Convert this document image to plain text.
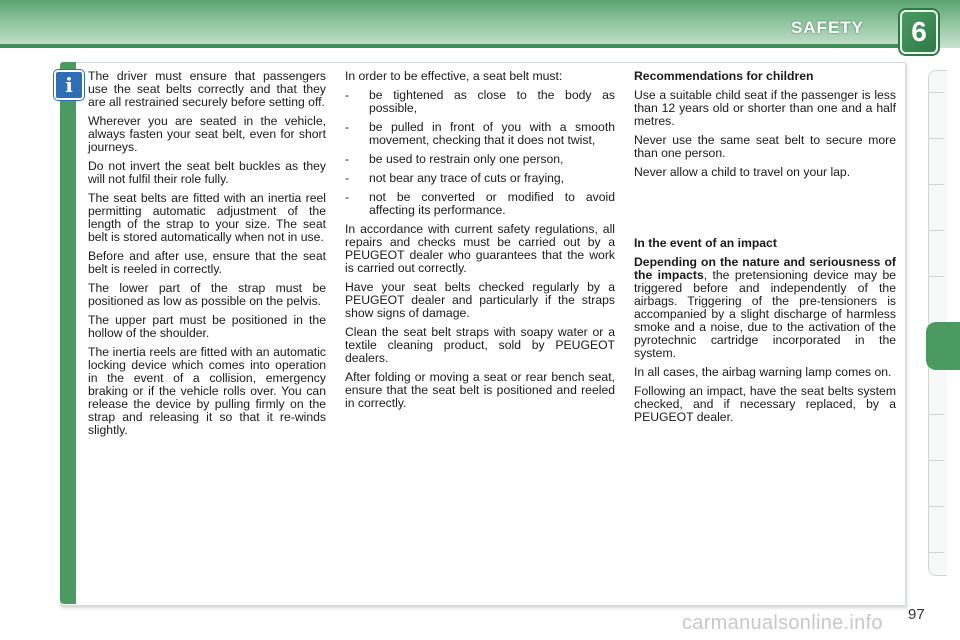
SAFETY	6
i	The driver must ensure that passengers use the seat belts correctly and that they are all restrained securely before setting off.

Wherever you are seated in the vehicle, always fasten your seat belt, even for short journeys.

Do not invert the seat belt buckles as they will not fulfil their role fully.

The seat belts are fitted with an inertia reel permitting automatic adjustment of the length of the strap to your size. The seat belt is stored automatically when not in use.

Before and after use, ensure that the seat belt is reeled in correctly.

The lower part of the strap must be positioned as low as possible on the pelvis.

The upper part must be positioned in the hollow of the shoulder.

The inertia reels are fitted with an automatic locking device which comes into operation in the event of a collision, emergency braking or if the vehicle rolls over. You can release the device by pulling firmly on the strap and releasing it so that it re-winds slightly.

In order to be effective, a seat belt must:

-	be tightened as close to the body as possible,
-	be pulled in front of you with a smooth movement, checking that it does not twist,
-	be used to restrain only one person,
-	not bear any trace of cuts or fraying,
-	not be converted or modified to avoid affecting its performance.

In accordance with current safety regulations, all repairs and checks must be carried out by a PEUGEOT dealer who guarantees that the work is carried out correctly.

Have your seat belts checked regularly by a PEUGEOT dealer and particularly if the straps show signs of damage.

Clean the seat belt straps with soapy water or a textile cleaning product, sold by PEUGEOT dealers.

After folding or moving a seat or rear bench seat, ensure that the seat belt is positioned and reeled in correctly.

Recommendations for children

Use a suitable child seat if the passenger is less than 12 years old or shorter than one and a half metres.

Never use the same seat belt to secure more than one person.

Never allow a child to travel on your lap.

In the event of an impact

Depending on the nature and seriousness of the impacts, the pretensioning device may be triggered before and independently of the airbags. Triggering of the pre-tensioners is accompanied by a slight discharge of harmless smoke and a noise, due to the activation of the pyrotechnic cartridge incorporated in the system.

In all cases, the airbag warning lamp comes on.

Following an impact, have the seat belts system checked, and if necessary replaced, by a PEUGEOT dealer.

97
carmanualsonline.info
